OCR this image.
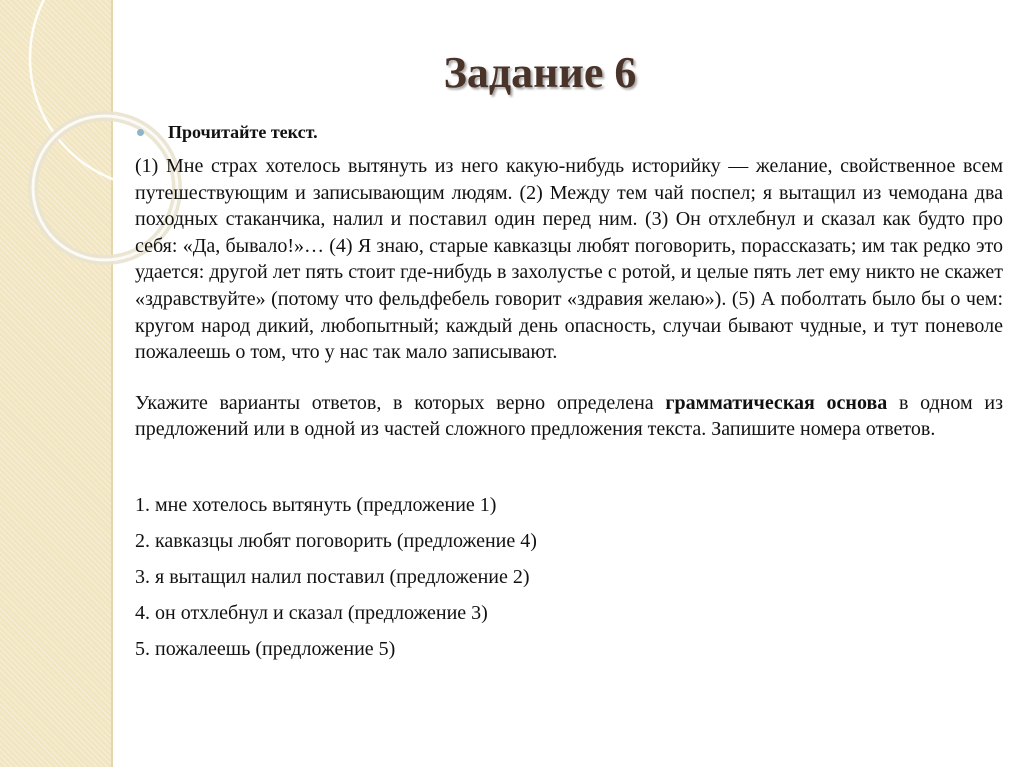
Задание 6
Прочитайте текст.

(1) Мне страх хотелось вытянуть из него какую-нибудь историйку — желание, свойственное всем путешествующим и записывающим людям. (2) Между тем чай поспел; я вытащил из чемодана два походных стаканчика, налил и поставил один перед ним. (3) Он отхлебнул и сказал как будто про себя: «Да, бывало!»… (4) Я знаю, старые кавказцы любят поговорить, порассказать; им так редко это удается: другой лет пять стоит где-нибудь в захолустье с ротой, и целые пять лет ему никто не скажет «здравствуйте» (потому что фельдфебель говорит «здравия желаю»). (5) А поболтать было бы о чем: кругом народ дикий, любопытный; каждый день опасность, случаи бывают чудные, и тут поневоле пожалеешь о том, что у нас так мало записывают.

Укажите варианты ответов, в которых верно определена грамматическая основа в одном из предложений или в одной из частей сложного предложения текста. Запишите номера ответов.

1. мне хотелось вытянуть (предложение 1)
2. кавказцы любят поговорить (предложение 4)
3. я вытащил налил поставил (предложение 2)
4. он отхлебнул и сказал (предложение 3)
5. пожалеешь (предложение 5)
